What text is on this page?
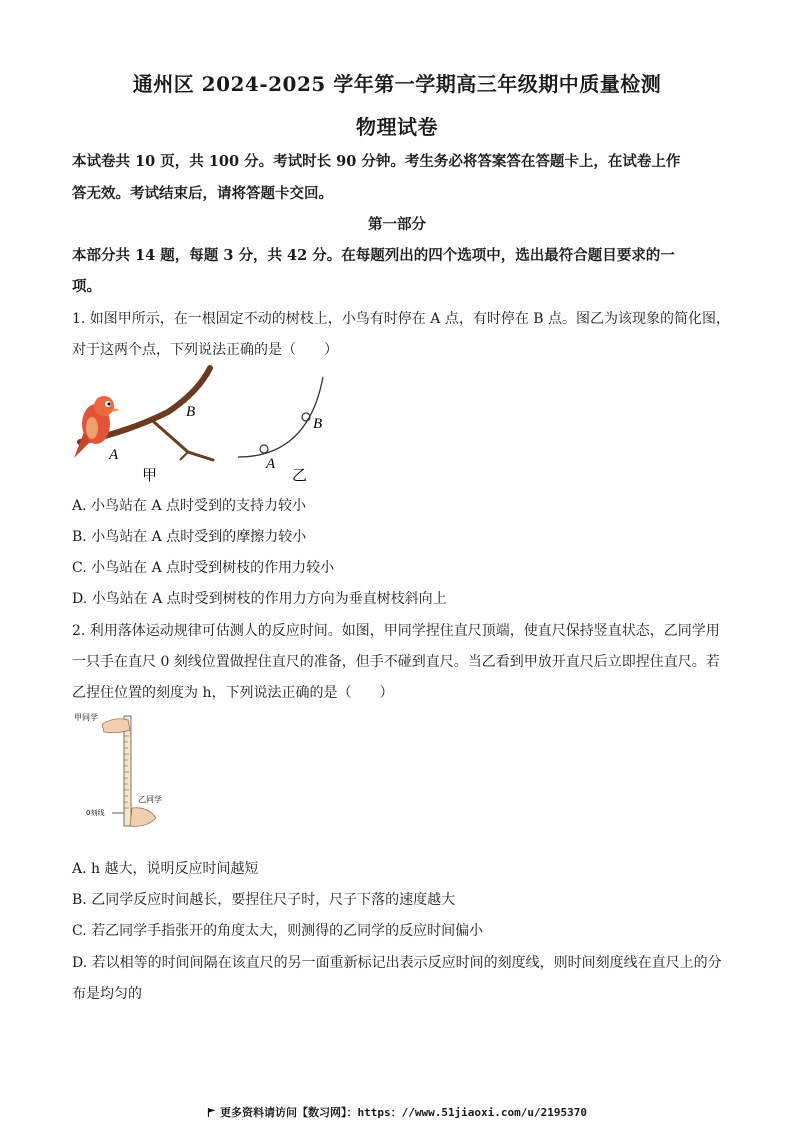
通州区 2024-2025 学年第一学期高三年级期中质量检测
物理试卷
本试卷共 10 页，共 100 分。考试时长 90 分钟。考生务必将答案答在答题卡上，在试卷上作
答无效。考试结束后，请将答题卡交回。
第一部分
本部分共 14 题，每题 3 分，共 42 分。在每题列出的四个选项中，选出最符合题目要求的一
项。
1. 如图甲所示，在一根固定不动的树枝上，小鸟有时停在 A 点，有时停在 B 点。图乙为该现象的简化图，
对于这两个点，下列说法正确的是（　　）
A
B
甲
A
B
乙
A. 小鸟站在 A 点时受到的支持力较小
B. 小鸟站在 A 点时受到的摩擦力较小
C. 小鸟站在 A 点时受到树枝的作用力较小
D. 小鸟站在 A 点时受到树枝的作用力方向为垂直树枝斜向上
2. 利用落体运动规律可估测人的反应时间。如图，甲同学捏住直尺顶端，使直尺保持竖直状态，乙同学用
一只手在直尺 0 刻线位置做捏住直尺的准备，但手不碰到直尺。当乙看到甲放开直尺后立即捏住直尺。若
乙捏住位置的刻度为 h，下列说法正确的是（　　）
甲同学
乙同学
0刻线
A. h 越大，说明反应时间越短
B. 乙同学反应时间越长，要捏住尺子时，尺子下落的速度越大
C. 若乙同学手指张开的角度太大，则测得的乙同学的反应时间偏小
D. 若以相等的时间间隔在该直尺的另一面重新标记出表示反应时间的刻度线，则时间刻度线在直尺上的分
布是均匀的
更多资料请访问【数习网】：https：//www.51jiaoxi.com/u/2195370
